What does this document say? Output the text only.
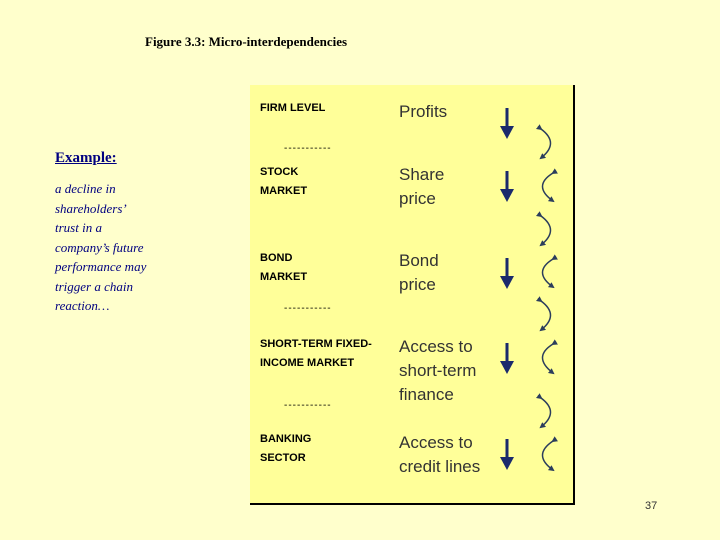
Figure 3.3: Micro-interdependencies
Example:
a decline in
shareholders’
trust in a
company’s future
performance may
trigger a chain
reaction…
FIRM LEVEL	Profits
-----------
STOCK
MARKET
Share
price
BOND
MARKET
Bond
price
-----------
SHORT-TERM FIXED-
INCOME MARKET
Access to
short-term
finance
-----------
BANKING
SECTOR
Access to
credit lines
37
